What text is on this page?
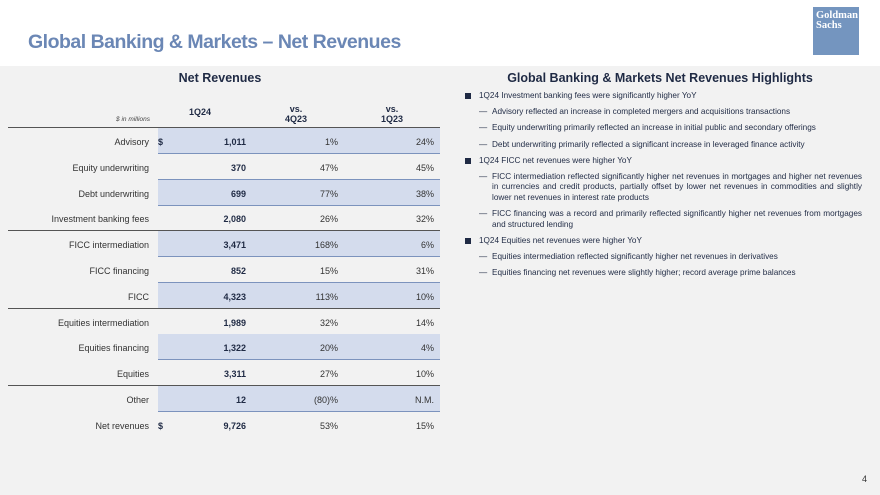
Global Banking & Markets – Net Revenues
Goldman
Sachs
Net Revenues	Global Banking & Markets Net Revenues Highlights
$ in millions
1Q24	vs.
4Q23
vs.
1Q23
Advisory $	1,011	1%	24%
Equity underwriting	370	47%	45%
Debt underwriting	699	77%	38%
Investment banking fees	2,080	26%	32%
FICC intermediation	3,471	168%	6%
FICC financing	852	15%	31%
FICC	4,323	113%	10%
Equities intermediation	1,989	32%	14%
Equities financing	1,322	20%	4%
Equities	3,311	27%	10%
Other	12	(80)%	N.M.
Net revenues $	9,726	53%	15%
1Q24 Investment banking fees were significantly higher YoY
— Advisory reflected an increase in completed mergers and acquisitions transactions
— Equity underwriting primarily reflected an increase in initial public and secondary offerings
— Debt underwriting primarily reflected a significant increase in leveraged finance activity
1Q24 FICC net revenues were higher YoY
— FICC intermediation reflected significantly higher net revenues in mortgages and higher net revenues in currencies and credit products, partially offset by lower net revenues in commodities and slightly lower net revenues in interest rate products
— FICC financing was a record and primarily reflected significantly higher net revenues from mortgages and structured lending
1Q24 Equities net revenues were higher YoY
— Equities intermediation reflected significantly higher net revenues in derivatives
— Equities financing net revenues were slightly higher; record average prime balances
4
